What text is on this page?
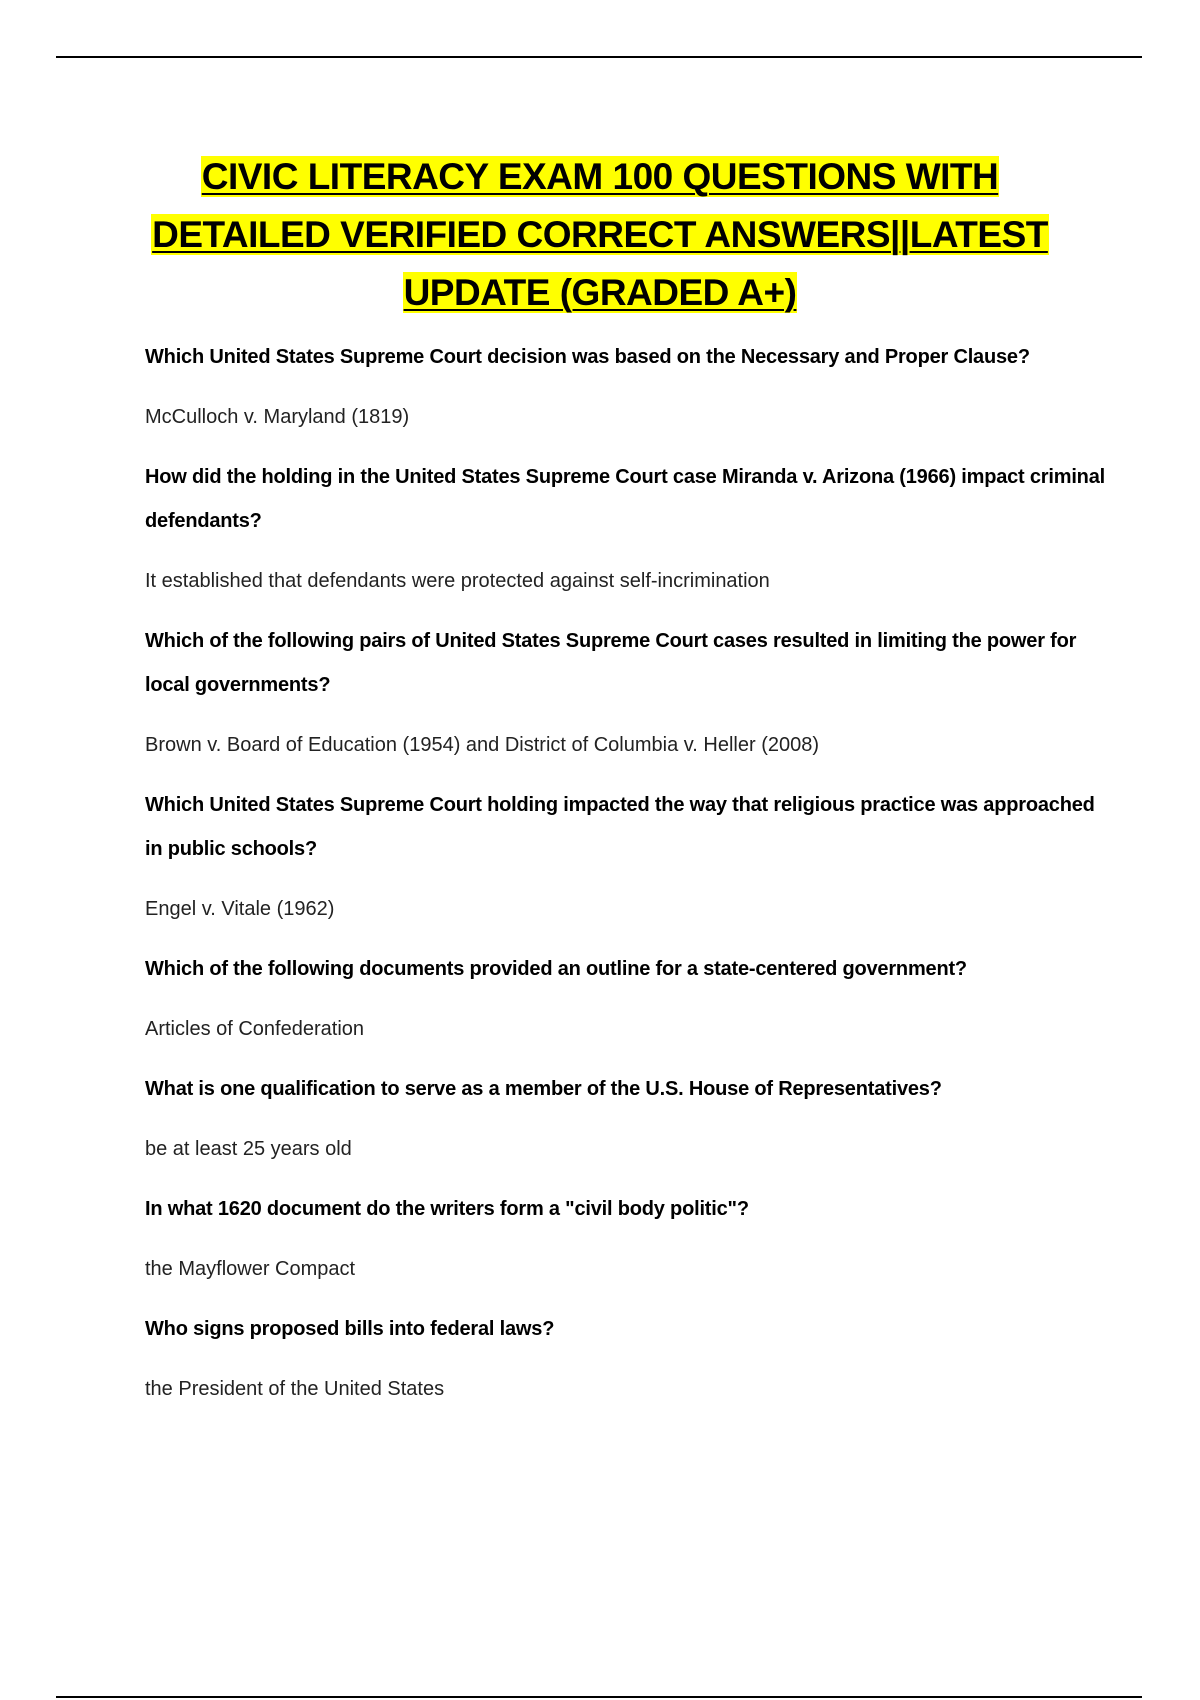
CIVIC LITERACY EXAM 100 QUESTIONS WITH DETAILED VERIFIED CORRECT ANSWERS||LATEST UPDATE (GRADED A+)

Which United States Supreme Court decision was based on the Necessary and Proper Clause?

McCulloch v. Maryland (1819)

How did the holding in the United States Supreme Court case Miranda v. Arizona (1966) impact criminal defendants?

It established that defendants were protected against self-incrimination

Which of the following pairs of United States Supreme Court cases resulted in limiting the power for local governments?

Brown v. Board of Education (1954) and District of Columbia v. Heller (2008)

Which United States Supreme Court holding impacted the way that religious practice was approached in public schools?

Engel v. Vitale (1962)

Which of the following documents provided an outline for a state-centered government?

Articles of Confederation

What is one qualification to serve as a member of the U.S. House of Representatives?

be at least 25 years old

In what 1620 document do the writers form a "civil body politic"?

the Mayflower Compact

Who signs proposed bills into federal laws?

the President of the United States
